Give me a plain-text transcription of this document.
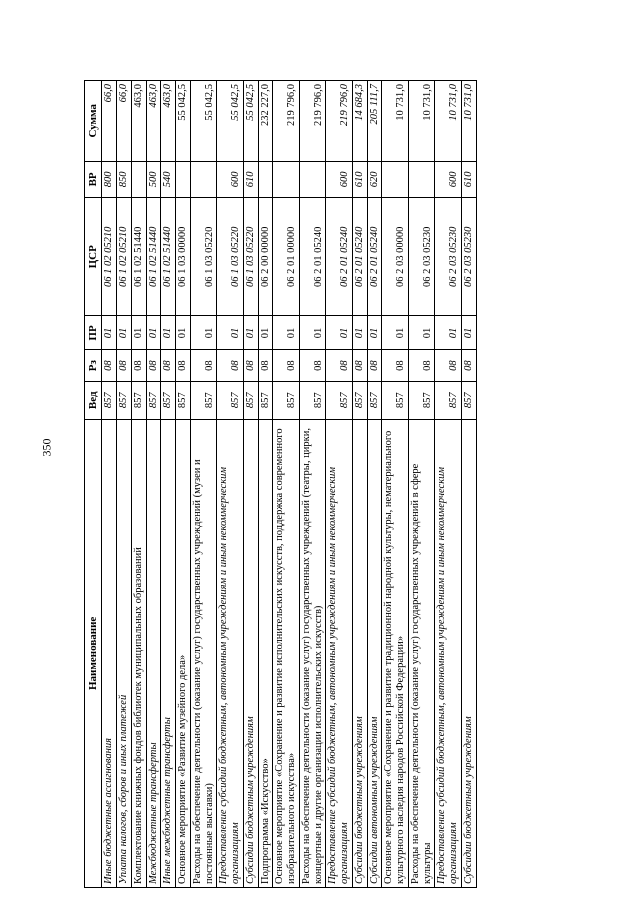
350
Наименование	Вед	Рз	ПР	ЦСР	ВР	Сумма
Иные бюджетные ассигнования	857	08	01	06 1 02 05210	800	66,0
Уплата налогов, сборов и иных платежей	857	08	01	06 1 02 05210	850	66,0
Комплектование книжных фондов библиотек муниципальных образований	857	08	01	06 1 02 51440		463,0
Межбюджетные трансферты	857	08	01	06 1 02 51440	500	463,0
Иные межбюджетные трансферты	857	08	01	06 1 02 51440	540	463,0
Основное мероприятие «Развитие музейного дела»	857	08	01	06 1 03 00000		55 042,5
Расходы на обеспечение деятельности (оказание услуг) государственных учреждений (музеи и постоянные выставки)	857	08	01	06 1 03 05220		55 042,5
Предоставление субсидий бюджетным, автономным учреждениям и иным некоммерческим организациям	857	08	01	06 1 03 05220	600	55 042,5
Субсидии бюджетным учреждениям	857	08	01	06 1 03 05220	610	55 042,5
Подпрограмма «Искусство»	857	08	01	06 2 00 00000		232 227,0
Основное мероприятие «Сохранение и развитие исполнительских искусств, поддержка современного изобразительного искусства»	857	08	01	06 2 01 00000		219 796,0
Расходы на обеспечение деятельности (оказание услуг) государственных учреждений (театры, цирки, концертные и другие организации исполнительских искусств)	857	08	01	06 2 01 05240		219 796,0
Предоставление субсидий бюджетным, автономным учреждениям и иным некоммерческим организациям	857	08	01	06 2 01 05240	600	219 796,0
Субсидии бюджетным учреждениям	857	08	01	06 2 01 05240	610	14 684,3
Субсидии автономным учреждениям	857	08	01	06 2 01 05240	620	205 111,7
Основное мероприятие «Сохранение и развитие традиционной народной культуры, нематериального культурного наследия народов Российской Федерации»	857	08	01	06 2 03 00000		10 731,0
Расходы на обеспечение деятельности (оказание услуг) государственных учреждений в сфере культуры	857	08	01	06 2 03 05230		10 731,0
Предоставление субсидий бюджетным, автономным учреждениям и иным некоммерческим организациям	857	08	01	06 2 03 05230	600	10 731,0
Субсидии бюджетным учреждениям	857	08	01	06 2 03 05230	610	10 731,0
